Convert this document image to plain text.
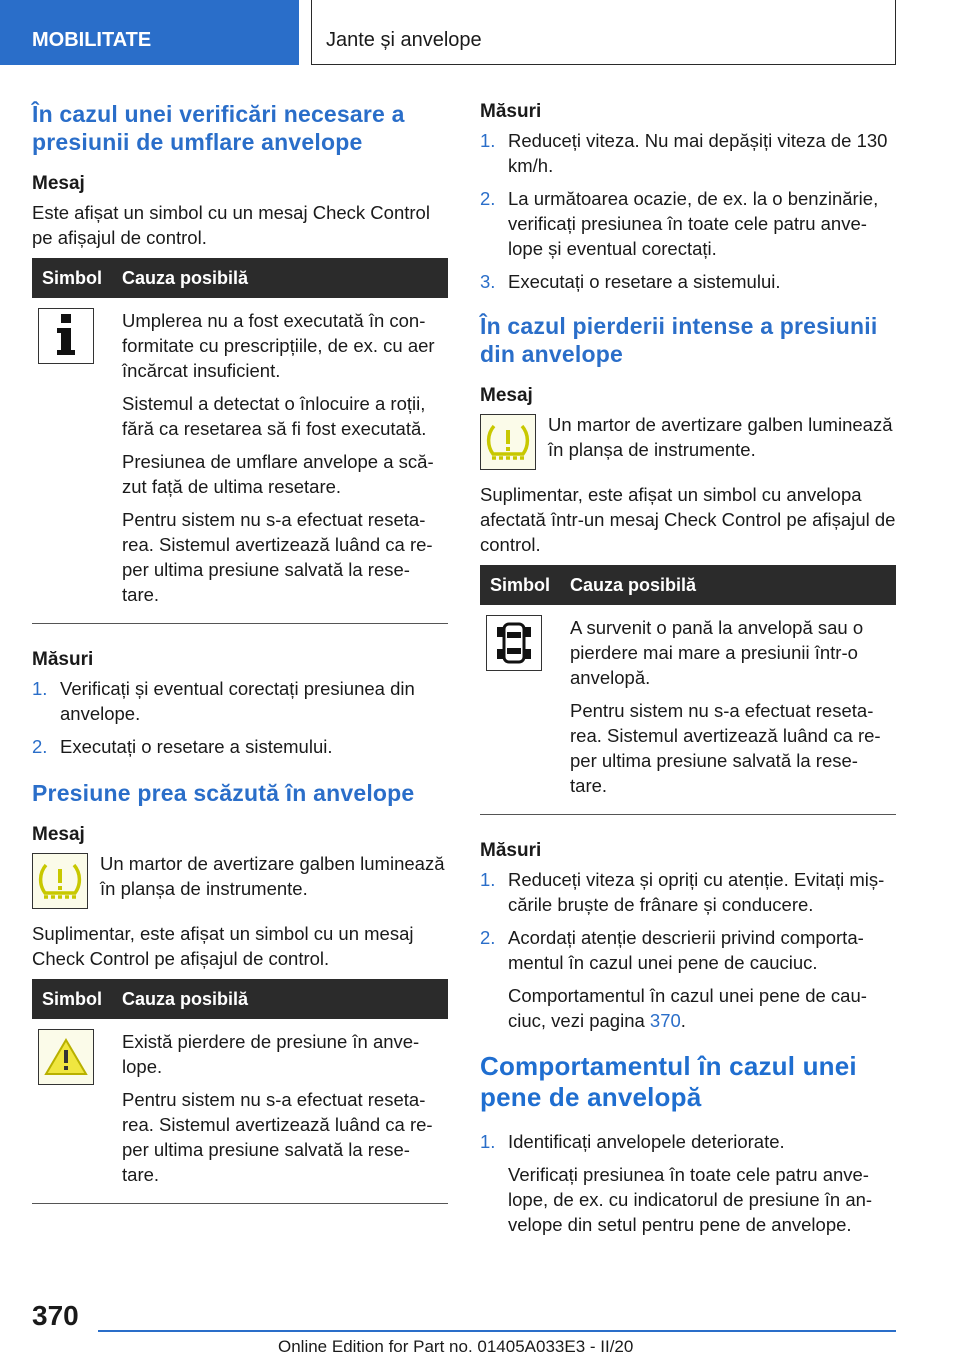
MOBILITATE	Jante și anvelope
În cazul unei verificări necesare a presiunii de umflare anvelope
Mesaj

Este afișat un simbol cu un mesaj Check Control pe afișajul de control.

Simbol	Cauza posibilă

Umplerea nu a fost executată în con-formitate cu prescripțiile, de ex. cu aer încărcat insuficient.

Sistemul a detectat o înlocuire a roții, fără ca resetarea să fi fost executată.

Presiunea de umflare anvelope a scă-zut față de ultima resetare.

Pentru sistem nu s-a efectuat reseta-rea. Sistemul avertizează luând ca re-per ultima presiune salvată la rese-tare.

Măsuri
1. Verificați și eventual corectați presiunea din anvelope.
2. Executați o resetare a sistemului.
Presiune prea scăzută în anvelope
Mesaj

Un martor de avertizare galben luminează în planșa de instrumente.

Suplimentar, este afișat un simbol cu un mesaj Check Control pe afișajul de control.

Simbol	Cauza posibilă

Există pierdere de presiune în anve-lope.

Pentru sistem nu s-a efectuat reseta-rea. Sistemul avertizează luând ca re-per ultima presiune salvată la rese-tare.

Măsuri
1. Reduceți viteza. Nu mai depășiți viteza de 130 km/h.
2. La următoarea ocazie, de ex. la o benzinărie, verificați presiunea în toate cele patru anve-lope și eventual corectați.
3. Executați o resetare a sistemului.
În cazul pierderii intense a presiunii din anvelope
Mesaj

Un martor de avertizare galben luminează în planșa de instrumente.

Suplimentar, este afișat un simbol cu anvelopa afectată într-un mesaj Check Control pe afișajul de control.

Simbol	Cauza posibilă

A survenit o pană la anvelopă sau o pierdere mai mare a presiunii într-o anvelopă.

Pentru sistem nu s-a efectuat reseta-rea. Sistemul avertizează luând ca re-per ultima presiune salvată la rese-tare.

Măsuri
1. Reduceți viteza și opriți cu atenție. Evitați miș-cările bruște de frânare și conducere.
2. Acordați atenție descrierii privind comporta-mentul în cazul unei pene de cauciuc.

Comportamentul în cazul unei pene de cau-ciuc, vezi pagina 370.

Comportamentul în cazul unei pene de anvelopă
1. Identificați anvelopele deteriorate.

Verificați presiunea în toate cele patru anve-lope, de ex. cu indicatorul de presiune în an-velope din setul pentru pene de anvelope.

370
Online Edition for Part no. 01405A033E3 - II/20
